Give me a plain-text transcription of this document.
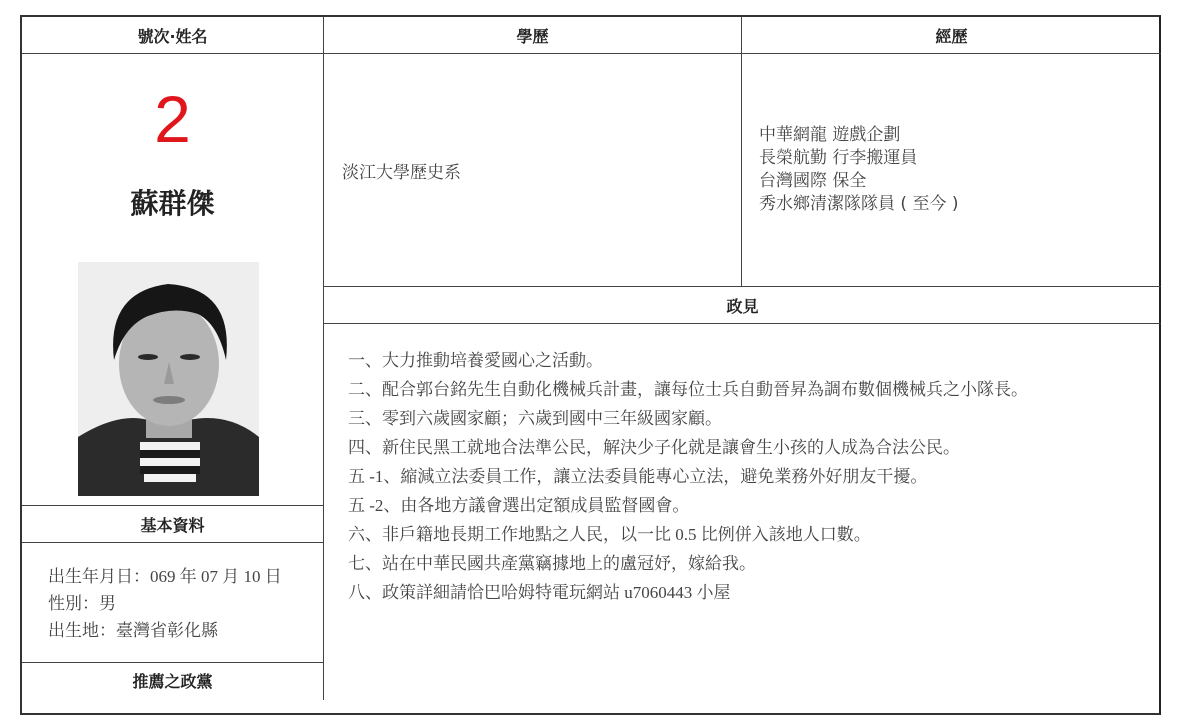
號次·姓名
2
蘇群傑
基本資料
出生年月日：069 年 07 月 10 日
性別：男
出生地：臺灣省彰化縣
推薦之政黨
學歷	經歷
淡江大學歷史系
中華網龍 遊戲企劃
長榮航勤 行李搬運員
台灣國際 保全
秀水鄉清潔隊隊員 ( 至今 )
政見
一、大力推動培養愛國心之活動。
二、配合郭台銘先生自動化機械兵計畫，讓每位士兵自動晉昇為調布數個機械兵之小隊長。
三、零到六歲國家顧；六歲到國中三年級國家顧。
四、新住民黑工就地合法準公民，解決少子化就是讓會生小孩的人成為合法公民。
五 -1、縮減立法委員工作，讓立法委員能專心立法，避免業務外好朋友干擾。
五 -2、由各地方議會選出定額成員監督國會。
六、非戶籍地長期工作地點之人民，以一比 0.5 比例併入該地人口數。
七、站在中華民國共產黨竊據地上的盧冠妤，嫁給我。
八、政策詳細請恰巴哈姆特電玩網站 u7060443 小屋
